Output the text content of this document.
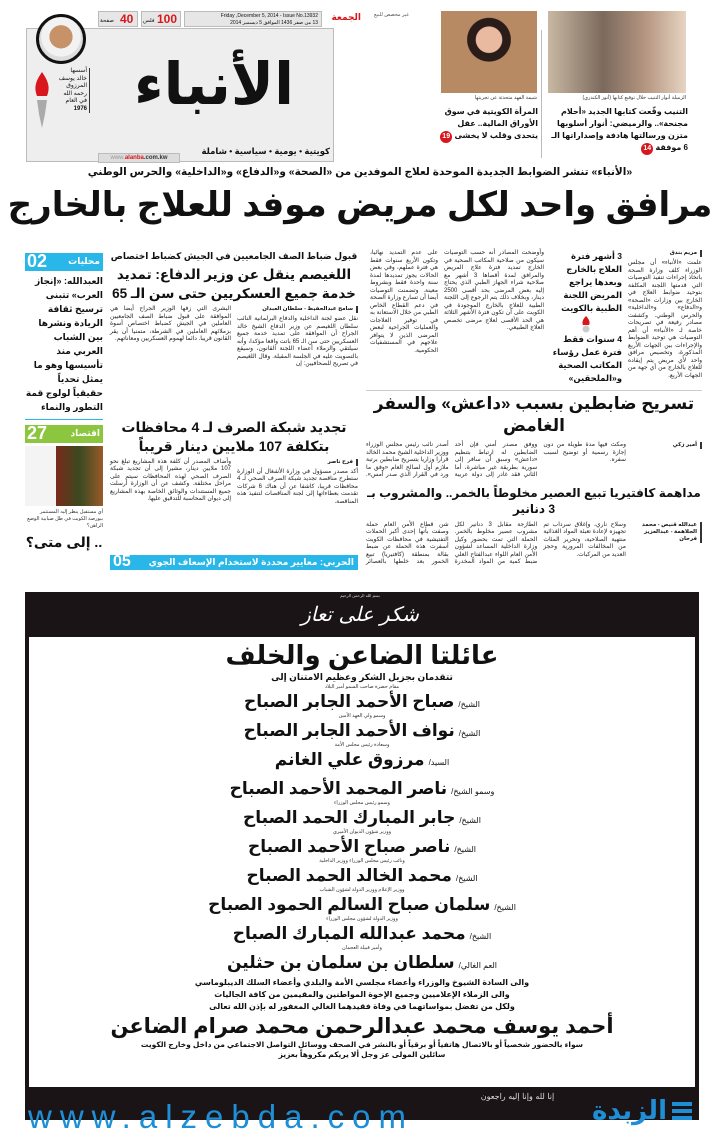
أسسها
خالد يوسف
المرزوق
رحمه الله
في العام
1976 الأنباء
كويتية • يومية • سياسية • شاملة
www.alanba.com.kw
40
صفحة	100
فلس
Friday ,December 5, 2014 - Issue No.13932
13 من صفر 1436 الموافق 5 ديسمبر 2014
الجمعة	غير مخصص للبيع
الزميلة أنوار التنيب خلال توقيع كتابها (أنور الكندري)
التنيب وقّعت كتابها الجديد «أحلام مجنحة».. والرميضي: أنوار أسلوبها متزن ورسالتها هادفة وإصداراتها الـ 6 موفقة 14
شيمة الفهد متحدثة عن تجربتها
المرأة الكويتية في سوق الأوراق المالية.. عقل يتحدى وقلب لا يخشى 19
«الأنباء» تنشر الضوابط الجديدة الموحدة لعلاج الموفدين من «الصحة» و«الدفاع» و«الداخلية» والحرس الوطني
مرافق واحد لكل مريض موفد للعلاج بالخارج
مريم بندق
علمت «الأنباء» أن مجلس الوزراء كلف وزارة الصحة باتخاذ إجراءات تنفيذ التوصيات التي قدمتها اللجنة المكلفة بتوحيد ضوابط العلاج في الخارج بين وزارات «الصحة» و«الدفاع» و«الداخلية» والحرس الوطني. وكشفت مصادر رفيعة في تصريحات خاصة لـ «الأنباء» أن أهم التوصيات هي توحيد الضوابط والإجراءات بين الجهات الأربع المذكورة، وتخصيص مرافق واحد لأي مريض يتم إيفاده للعلاج بالخارج من أي جهة من الجهات الأربع.
3 أشهر فترة العلاج بالخارج وبعدها يراجع المريض اللجنة الطبية بالكويت
4 سنوات فقط فترة عمل رؤساء المكاتب الصحية و«الملحقين»
وأوضحت المصادر أنه حسب التوصيات سيكون من صلاحية المكاتب الصحية في الخارج تمديد فترة علاج المريض والمرافق لمدة أقصاها 3 أشهر مع صلاحية شراء الجهاز الطبي الذي يحتاج إليه بعض المرضى بحد أقصى 2500 دينار، وبخلاف ذلك يتم الرجوع إلى اللجنة الطبية للعلاج بالخارج الموجودة في الكويت على أن تكون فترة الأشهر الثلاثة هي الحد الأقصى لعلاج مرضى تخصص العلاج الطبيعي.
على عدم التمديد نهائيا، وتكون الأربع سنوات فقط هي فترة عملهم، وفي بعض الحالات يجوز تمديدها لمدة سنة واحدة فقط وبشروط معينة. وتضمنت التوصيات أيضا أن تسارع وزارة الصحة في دعم القطاع الخاص الطبي من خلال الاستعانة به في توفير العلاجات والعمليات الجراحية لبعض المرضى الذين لا يتوافر علاجهم في المستشفيات الحكومية.
تسريح ضابطين بسبب «داعش» والسفر الغامض
أمير زكي
أصدر نائب رئيس مجلس الوزراء ووزير الداخلية الشيخ محمد الخالد قرارا وزاريا بتسريح ضابطين برتبة ملازم أول لصالح العام «وفق ما ورد في القرار الذي صدر أمس». ووفق مصدر أمني فإن أحد الضابطين له ارتباط بتنظيم «داعش» وسبق أن سافر إلى سورية بطريقة غير مباشرة، أما الثاني فقد غادر إلى دولة عربية ومكث فيها مدة طويلة من دون إجازة رسمية أو توضيح لسبب سفره.
مداهمة كافتيريا تبيع العصير مخلوطاً بالخمر.. والمشروب بـ 3 دنانير
عبدالله قنيص - محمد الجلاهمة - عبدالعزيز فرحان
شن قطاع الأمن العام حملة وصفت بأنها إحدى أكبر الحملات التفتيشية في محافظات الكويت أسفرت هذه الحملة عن ضبط بقالة بمنطقة (كافتيريا) تبيع الخمور بعد خلطها بالعصائر الطازجة مقابل 3 دنانير لكل مشروب عصير مخلوط بالخمر. الحملة التي تمت بحضور وكيل وزارة الداخلية المساعد لشؤون الأمن العام اللواء عبدالفتاح العلي ضبط كمية من المواد المخدرة وسلاح ناري، وإغلاق سرداب تم تجهيزه لإعادة تعبئة المواد الغذائية منتهية الصلاحية، وتحرير المئات من المخالفات المرورية وحجز العديد من المركبات.
02 محليات
العبدالله: «إنجاز العرب» تتبنى ترسيخ ثقافة الريادة ونشرها بين الشباب العربي منذ تأسيسها وهو ما يمثل تحدياً حقيقياً لولوج قمة التطور والنماء
27	اقتصاد
أي مستقبل ينظر إليه المستثمر ببورصة الكويت في ظل ضبابية الوضع الراهن؟
.. إلى متى؟
قبول ضباط الصف الجامعيين في الجيش كضباط اختصاص
اللغيصم ينقل عن وزير الدفاع: تمديد خدمة جميع العسكريين حتى سن الـ 65
سامح عبدالحفيظ - سلطان العبدان
نقل عضو لجنة الداخلية والدفاع البرلمانية النائب سلطان اللغيصم عن وزير الدفاع الشيخ خالد الجراح أن الموافقة على تمديد خدمة جميع العسكريين حتى سن الـ 65 باتت واقعا مؤكدا، وأنه سيلتقي والزملاء أعضاء اللجنة القانون، وسيقع بالتصويت عليه في الجلسة المقبلة. وقال اللغيصم في تصريح للصحافيين: إن
البشرى التي زفها الوزير الجراح أيضا هي الموافقة على قبول ضباط الصف الجامعيين العاملين في الجيش كضباط اختصاص أسوة بزملائهم العاملين في الشرطة، متمنيا أن يقر القانون قريبا. دائما لهموم العسكريين ومعاناتهم.
تجديد شبكة الصرف لـ 4 محافظات بتكلفة 107 ملايين دينار قريباً
فرح ناصر
أكد مصدر مسؤول في وزارة الأشغال أن الوزارة ستطرح مناقصة تجديد شبكة الصرف الصحي لـ 4 محافظات قريبا، كاشفا عن أن هناك 6 شركات تقدمت بعطاءاتها إلى لجنة المناقصات لتنفيذ هذه المناقصة.
وأضاف المصدر أن كلفة هذه المشاريع تبلغ نحو 107 ملايين دينار، مشيرا إلى أن تجديد شبكة الصرف الصحي لهذه المحافظات سيتم على مراحل مختلفة. وكشف عن أن الوزارة أرسلت جميع المستندات والوثائق الخاصة بهذه المشاريع إلى ديوان المحاسبة للتدقيق عليها.
05 الحربي: معايير محددة لاستخدام الإسعاف الجوي
بسم الله الرحمن الرحيم
شكر على تعاز
عائلتا الضاعن والخلف
تتقدمان بجزيل الشكر وعظيم الامتنان إلى
مقام حضرة صاحب السمو أمير البلاد
الشيخ/صباح الأحمد الجابر الصباح
وسمو ولي العهد الأمين
الشيخ/نواف الأحمد الجابر الصباح
وسعادة رئيس مجلس الأمة
السيد/مرزوق علي الغانم
وسمو الشيخ/ناصر المحمد الأحمد الصباح
وسمو رئيس مجلس الوزراء
الشيخ/جابر المبارك الحمد الصباح
ووزير شؤون الديوان الأميري
الشيخ/ناصر صباح الأحمد الصباح
ونائب رئيس مجلس الوزراء ووزير الداخلية
الشيخ/محمد الخالد الحمد الصباح
ووزير الإعلام ووزير الدولة لشؤون الشباب
الشيخ/سلمان صباح السالم الحمود الصباح
ووزير الدولة لشؤون مجلس الوزراء
الشيخ/محمد عبدالله المبارك الصباح
وأمير قبيلة العجمان
العم الغالي/سلطان بن سلمان بن حثلين
والى السادة الشيوخ والوزراء وأعضاء مجلسي الأمة والبلدي وأعضاء السلك الديبلوماسي
والى الزملاء الإعلاميين وجميع الإخوة المواطنين والمقيمين من كافة الجاليات
ولكل من تفضل بمواساتهما في وفاة فقيدهما الغالي المغفور له بإذن الله تعالى
أحمد يوسف محمد عبدالرحمن محمد صرام الضاعن
سواء بالحضور شخصياً أو بالاتصال هاتفياً أو برقياً أو بالنشر في الصحف ووسائل التواصل الاجتماعي من داخل وخارج الكويت
سائلين المولى عز وجل ألا يريكم مكروهاً بعزيز
إنا لله وإنا إليه راجعون
www.alzebda.com	الزبدة
